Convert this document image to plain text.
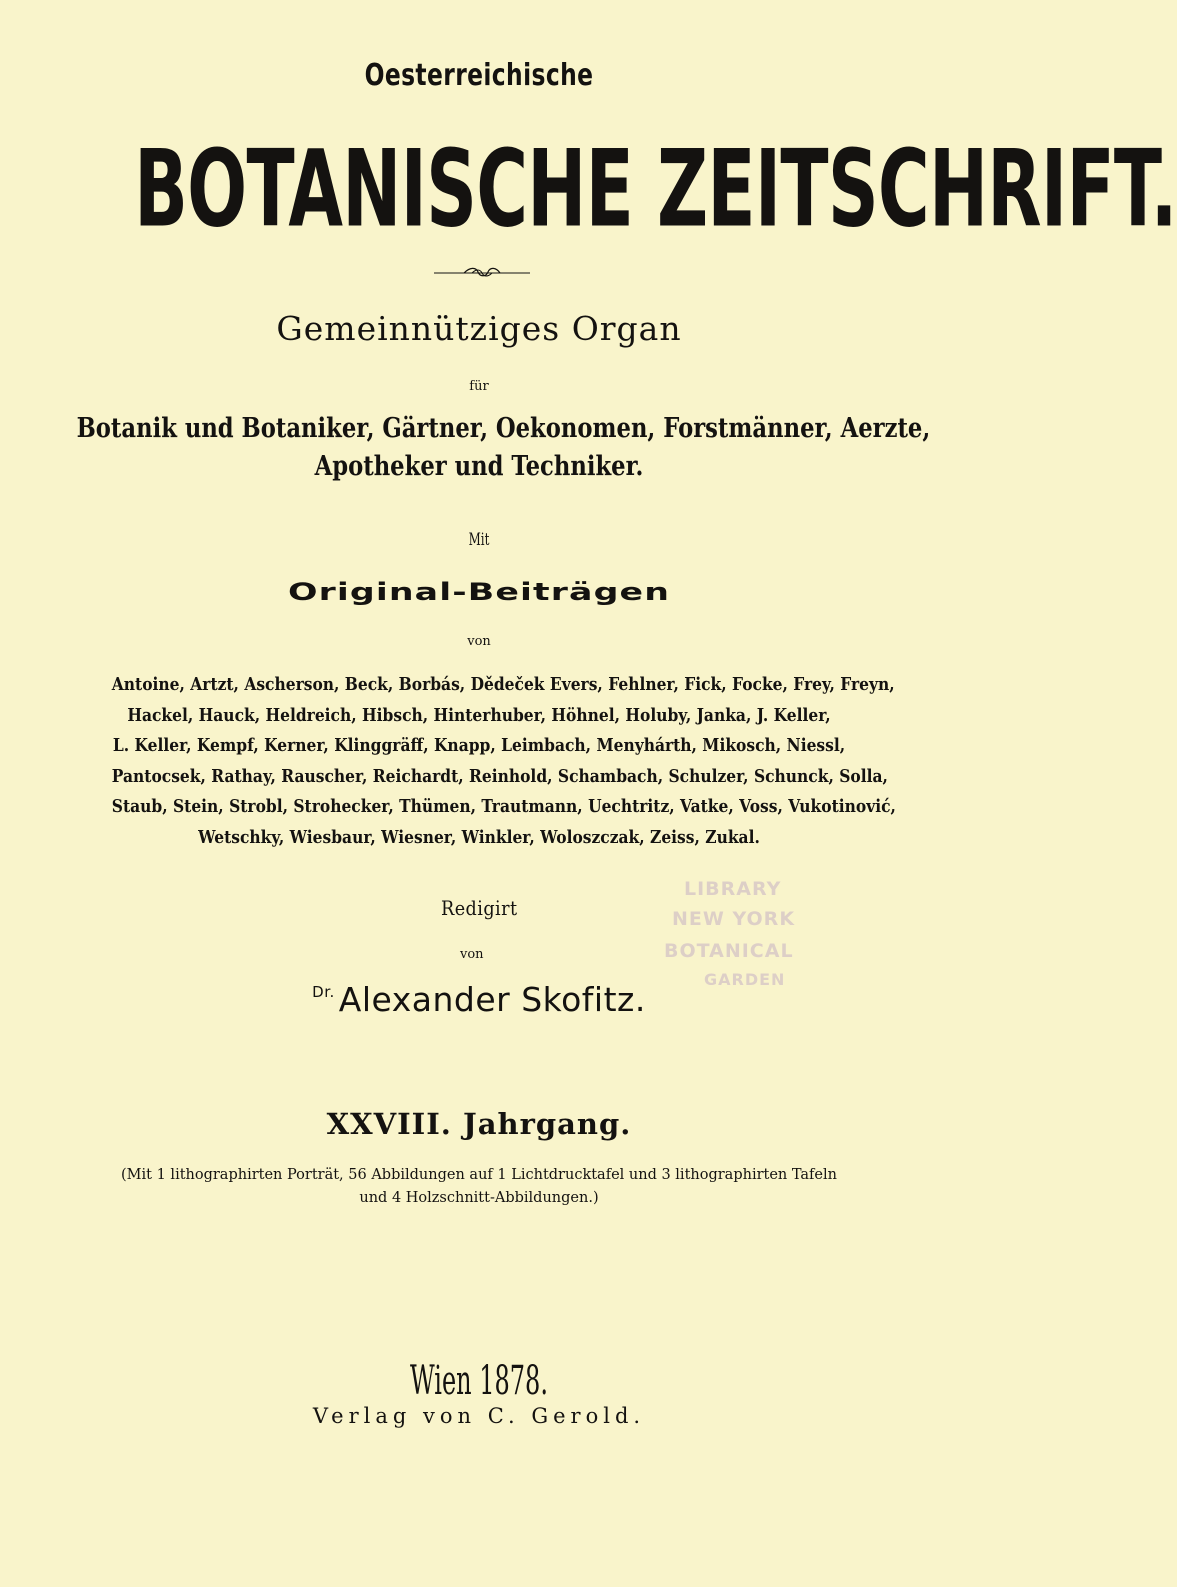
Oesterreichische
BOTANISCHE ZEITSCHRIFT.
Gemeinnütziges Organ
für
Botanik und Botaniker, Gärtner, Oekonomen, Forstmänner, Aerzte,
Apotheker und Techniker.
Mit
Original-Beiträgen
von
Antoine, Artzt, Ascherson, Beck, Borbás, Dědeček Evers, Fehlner, Fick, Focke, Frey, Freyn,
Hackel, Hauck, Heldreich, Hibsch, Hinterhuber, Höhnel, Holuby, Janka, J. Keller,
L. Keller, Kempf, Kerner, Klinggräff, Knapp, Leimbach, Menyhárth, Mikosch, Niessl,
Pantocsek, Rathay, Rauscher, Reichardt, Reinhold, Schambach, Schulzer, Schunck, Solla,
Staub, Stein, Strobl, Strohecker, Thümen, Trautmann, Uechtritz, Vatke, Voss, Vukotinović,
Wetschky, Wiesbaur, Wiesner, Winkler, Woloszczak, Zeiss, Zukal.
Redigirt
von
LIBRARY
NEW YORK
BOTANICAL
GARDEN
$^{Dr.}$ Alexander Skofitz.
XXVIII. Jahrgang.
(Mit 1 lithographirten Porträt, 56 Abbildungen auf 1 Lichtdrucktafel und 3 lithographirten Tafeln
und 4 Holzschnitt-Abbildungen.)
Wien 1878.
Verlag von C. Gerold.
